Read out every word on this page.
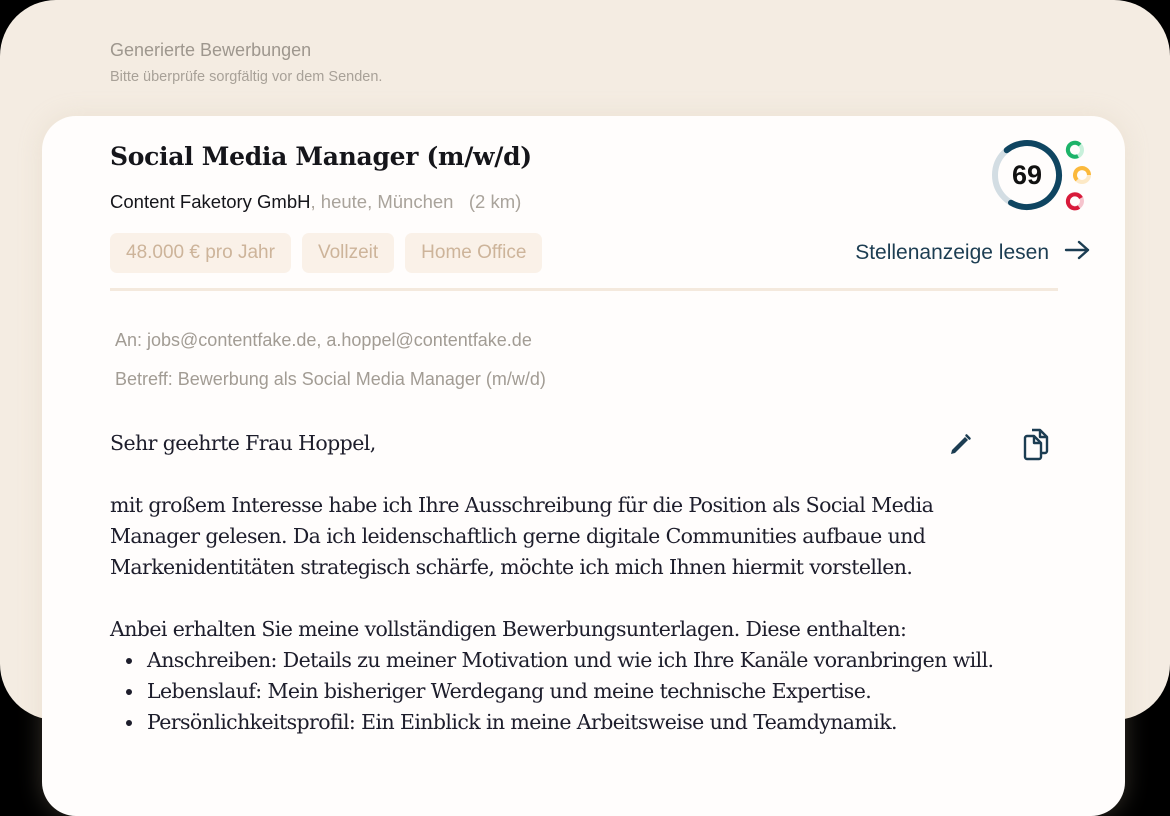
Generierte Bewerbungen
Bitte überprüfe sorgfältig vor dem Senden.
Social Media Manager (m/w/d)
Content Faketory GmbH, heute, München (2 km)
48.000 € pro Jahr	Vollzeit	Home Office	Stellenanzeige lesen
69
An: jobs@contentfake.de, a.hoppel@contentfake.de
Betreff: Bewerbung als Social Media Manager (m/w/d)

Sehr geehrte Frau Hoppel,

mit großem Interesse habe ich Ihre Ausschreibung für die Position als Social Media Manager gelesen. Da ich leidenschaftlich gerne digitale Communities aufbaue und Markenidentitäten strategisch schärfe, möchte ich mich Ihnen hiermit vorstellen.

Anbei erhalten Sie meine vollständigen Bewerbungsunterlagen. Diese enthalten:

• Anschreiben: Details zu meiner Motivation und wie ich Ihre Kanäle voranbringen will.
• Lebenslauf: Mein bisheriger Werdegang und meine technische Expertise.
• Persönlichkeitsprofil: Ein Einblick in meine Arbeitsweise und Teamdynamik.
